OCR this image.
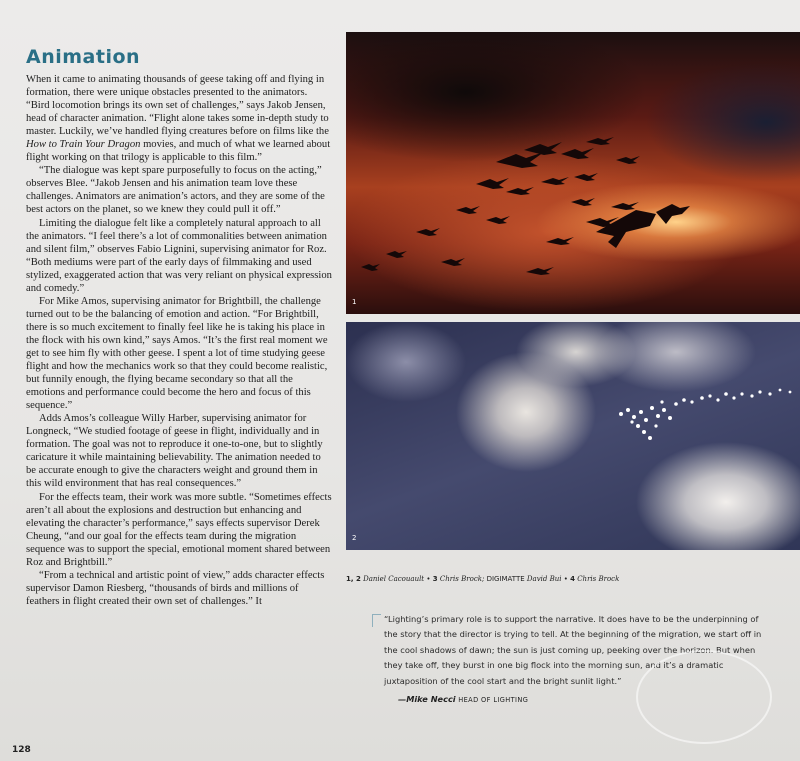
Animation

When it came to animating thousands of geese taking off and flying in formation, there were unique obstacles presented to the animators. “Bird locomotion brings its own set of challenges,” says Jakob Jensen, head of character animation. “Flight alone takes some in-depth study to master. Luckily, we’ve handled flying creatures before on films like the How to Train Your Dragon movies, and much of what we learned about flight working on that trilogy is applicable to this film.”

“The dialogue was kept spare purposefully to focus on the acting,” observes Blee. “Jakob Jensen and his animation team love these challenges. Animators are animation’s actors, and they are some of the best actors on the planet, so we knew they could pull it off.”

Limiting the dialogue felt like a completely natural approach to all the animators. “I feel there’s a lot of commonalities between animation and silent film,” observes Fabio Lignini, supervising animator for Roz. “Both mediums were part of the early days of filmmaking and used stylized, exaggerated action that was very reliant on physical expression and comedy.”

For Mike Amos, supervising animator for Brightbill, the challenge turned out to be the balancing of emotion and action. “For Brightbill, there is so much excitement to finally feel like he is taking his place in the flock with his own kind,” says Amos. “It’s the first real moment we get to see him fly with other geese. I spent a lot of time studying geese flight and how the mechanics work so that they could become realistic, but funnily enough, the flying became secondary so that all the emotions and performance could become the hero and focus of this sequence.”

Adds Amos’s colleague Willy Harber, supervising animator for Longneck, “We studied footage of geese in flight, individually and in formation. The goal was not to reproduce it one-to-one, but to slightly caricature it while maintaining believability. The animation needed to be accurate enough to give the characters weight and ground them in this wild environment that has real consequences.”

For the effects team, their work was more subtle. “Sometimes effects aren’t all about the explosions and destruction but enhancing and elevating the character’s performance,” says effects supervisor Derek Cheung, “and our goal for the effects team during the migration sequence was to support the special, emotional moment shared between Roz and Brightbill.”

“From a technical and artistic point of view,” adds character effects supervisor Damon Riesberg, “thousands of birds and millions of feathers in flight created their own set of challenges.” It

1
2
1, 2 Daniel Cacouault • 3 Chris Brock; DIGIMATTE David Bui • 4 Chris Brock

“Lighting’s primary role is to support the narrative. It does have to be the underpinning of the story that the director is trying to tell. At the beginning of the migration, we start off in the cool shadows of dawn; the sun is just coming up, peeking over the horizon. But when they take off, they burst in one big flock into the morning sun, and it’s a dramatic juxtaposition of the cool start and the bright sunlit light.”

—Mike Necci HEAD OF LIGHTING
128
